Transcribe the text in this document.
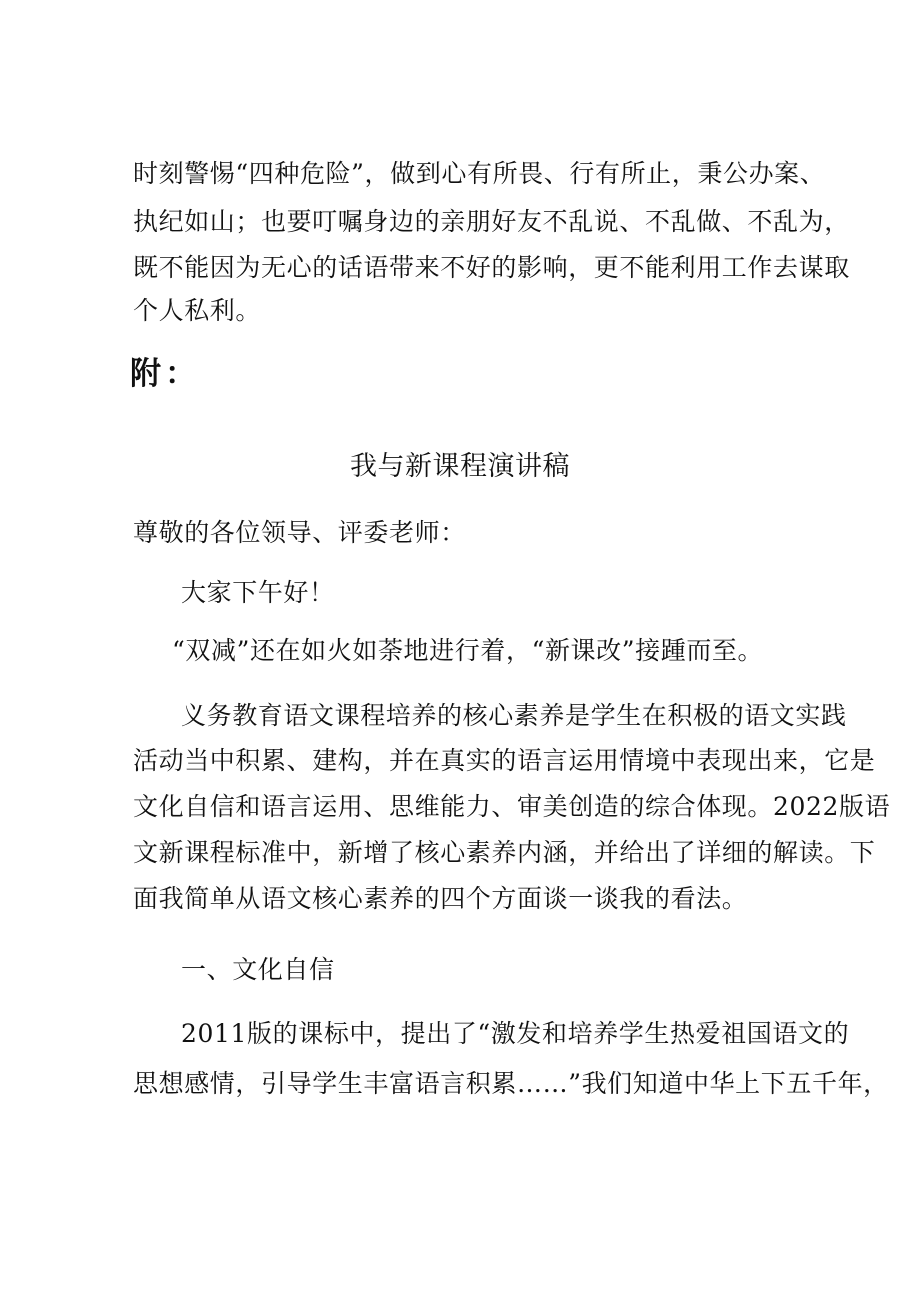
时刻警惕“四种危险”，做到心有所畏、行有所止，秉公办案、
执纪如山；也要叮嘱身边的亲朋好友不乱说、不乱做、不乱为，
既不能因为无心的话语带来不好的影响，更不能利用工作去谋取
个人私利。
附：
我与新课程演讲稿
尊敬的各位领导、评委老师：
大家下午好！
“双减”还在如火如荼地进行着，“新课改”接踵而至。
义务教育语文课程培养的核心素养是学生在积极的语文实践
活动当中积累、建构，并在真实的语言运用情境中表现出来，它是
文化自信和语言运用、思维能力、审美创造的综合体现。2022版语
文新课程标准中，新增了核心素养内涵，并给出了详细的解读。下
面我简单从语文核心素养的四个方面谈一谈我的看法。
一、文化自信
2011版的课标中，提出了“激发和培养学生热爱祖国语文的
思想感情，引导学生丰富语言积累……”我们知道中华上下五千年，
